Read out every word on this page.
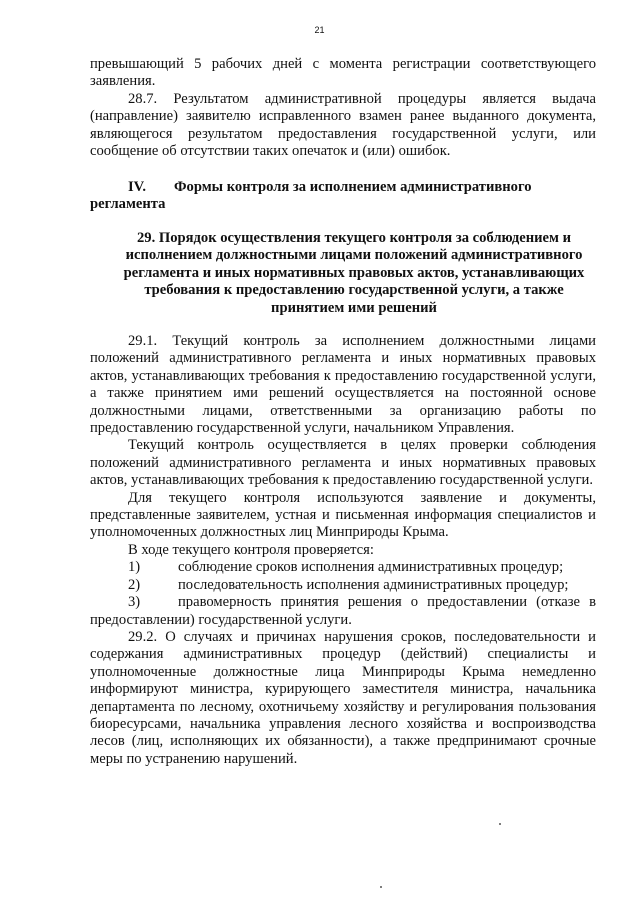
21

превышающий 5 рабочих дней с момента регистрации соответствующего заявления.

28.7. Результатом административной процедуры является выдача (направление) заявителю исправленного взамен ранее выданного документа, являющегося результатом предоставления государственной услуги, или сообщение об отсутствии таких опечаток и (или) ошибок.

IV. Формы контроля за исполнением административного регламента

29. Порядок осуществления текущего контроля за соблюдением и исполнением должностными лицами положений административного регламента и иных нормативных правовых актов, устанавливающих требования к предоставлению государственной услуги, а также принятием ими решений

29.1. Текущий контроль за исполнением должностными лицами положений административного регламента и иных нормативных правовых актов, устанавливающих требования к предоставлению государственной услуги, а также принятием ими решений осуществляется на постоянной основе должностными лицами, ответственными за организацию работы по предоставлению государственной услуги, начальником Управления.

Текущий контроль осуществляется в целях проверки соблюдения положений административного регламента и иных нормативных правовых актов, устанавливающих требования к предоставлению государственной услуги.

Для текущего контроля используются заявление и документы, представленные заявителем, устная и письменная информация специалистов и уполномоченных должностных лиц Минприроды Крыма.

В ходе текущего контроля проверяется:

1)	соблюдение сроков исполнения административных процедур;
2)	последовательность исполнения административных процедур;

3)	правомерность принятия решения о предоставлении (отказе в предоставлении) государственной услуги.

29.2. О случаях и причинах нарушения сроков, последовательности и содержания административных процедур (действий) специалисты и уполномоченные должностные лица Минприроды Крыма немедленно информируют министра, курирующего заместителя министра, начальника департамента по лесному, охотничьему хозяйству и регулирования пользования биоресурсами, начальника управления лесного хозяйства и воспроизводства лесов (лиц, исполняющих их обязанности), а также предпринимают срочные меры по устранению нарушений.
